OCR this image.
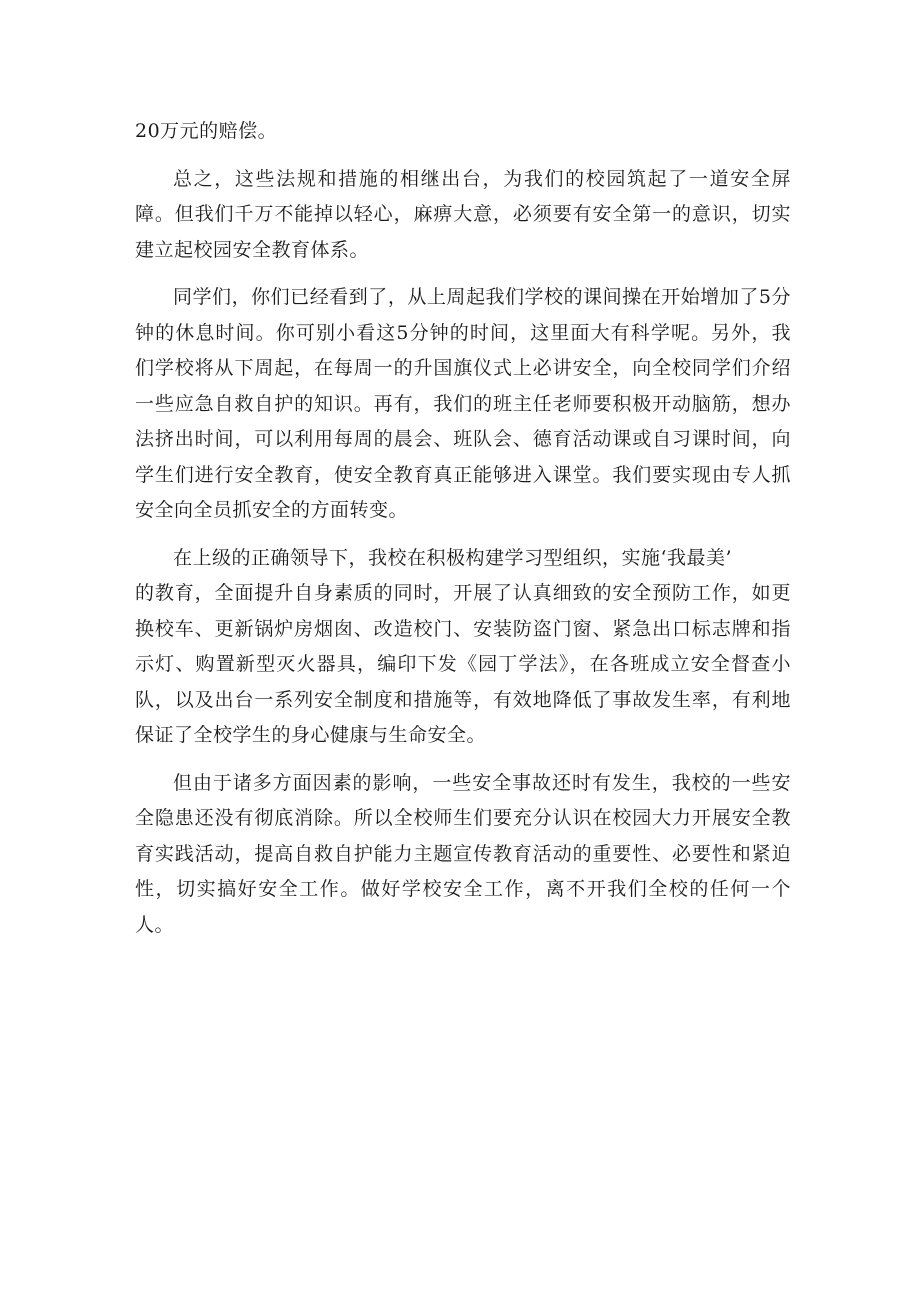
20万元的赔偿。

总之，这些法规和措施的相继出台，为我们的校园筑起了一道安全屏障。但我们千万不能掉以轻心，麻痹大意，必须要有安全第一的意识，切实建立起校园安全教育体系。

同学们，你们已经看到了，从上周起我们学校的课间操在开始增加了5分钟的休息时间。你可别小看这5分钟的时间，这里面大有科学呢。另外，我们学校将从下周起，在每周一的升国旗仪式上必讲安全，向全校同学们介绍一些应急自救自护的知识。再有，我们的班主任老师要积极开动脑筋，想办法挤出时间，可以利用每周的晨会、班队会、德育活动课或自习课时间，向学生们进行安全教育，使安全教育真正能够进入课堂。我们要实现由专人抓安全向全员抓安全的方面转变。

在上级的正确领导下，我校在积极构建学习型组织，实施‘我最美’

的教育，全面提升自身素质的同时，开展了认真细致的安全预防工作，如更换校车、更新锅炉房烟囱、改造校门、安装防盗门窗、紧急出口标志牌和指示灯、购置新型灭火器具，编印下发《园丁学法》，在各班成立安全督查小队，以及出台一系列安全制度和措施等，有效地降低了事故发生率，有利地保证了全校学生的身心健康与生命安全。

但由于诸多方面因素的影响，一些安全事故还时有发生，我校的一些安全隐患还没有彻底消除。所以全校师生们要充分认识在校园大力开展安全教育实践活动，提高自救自护能力主题宣传教育活动的重要性、必要性和紧迫性，切实搞好安全工作。做好学校安全工作，离不开我们全校的任何一个人。
